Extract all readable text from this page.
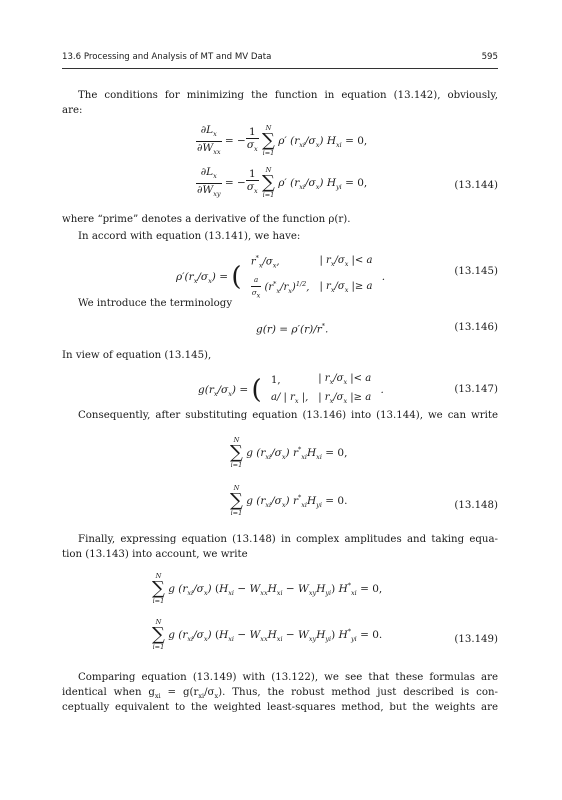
13.6 Processing and Analysis of MT and MV Data	595
The conditions for minimizing the function in equation (13.142), obviously,
are:
$\frac{\partial L_x}{\partial W_{xx}}$ = − $\frac{1}{\sigma_x}$
	N
∑
i=1
ρ′ $(r_{xi}/\sigma_x) H_{xi} = 0$,
$\frac{\partial L_x}{\partial W_{xy}}$ = − $\frac{1}{\sigma_x}$
	N
∑
i=1
ρ′ $(r_{xi}/\sigma_x) H_{yi} = 0$,	(13.144)
where “prime” denotes a derivative of the function ρ(r).
In accord with equation (13.141), we have:
$\rho'(r_x/\sigma_x)$ = ( $r^*_x/\sigma_x$,	| $r_x/\sigma_x$ |< a

$\frac{a}{\sigma_x} (r^*_x/r_x)^{1/2}$,	| $r_x/\sigma_x$ |≥ a .	(13.145)
We introduce the terminology
g(r) = ρ′(r)/r*.	(13.146)
In view of equation (13.145),
$g(r_x/\sigma_x)$ = ( 1,	| $r_x/\sigma_x$ |< a
a/ | $r_x$ |,	| $r_x/\sigma_x$ |≥ a .	(13.147)
Consequently, after substituting equation (13.146) into (13.144), we can write
N
∑
i=1
g $(r_{xi}/\sigma_x) r^*_{xi}H_{xi} = 0$,
N
∑
i=1
g $(r_{xi}/\sigma_x) r^*_{xi}H_{yi} = 0$.	(13.148)
Finally, expressing equation (13.148) in complex amplitudes and taking equa-
tion (13.143) into account, we write
N
∑
i=1
g $(r_{xi}/\sigma_x) (H_{xi} - W_{xx}H_{xi} - W_{xy}H_{yi}) H^*_{xi} = 0$,
N
∑
i=1
g $(r_{xi}/\sigma_x) (H_{xi} - W_{xx}H_{xi} - W_{xy}H_{yi}) H^*_{yi} = 0$.	(13.149)
Comparing equation (13.149) with (13.122), we see that these formulas are
identical when $g_{xi} = g(r_{xi}/\sigma_x)$. Thus, the robust method just described is con-
ceptually equivalent to the weighted least-squares method, but the weights are
